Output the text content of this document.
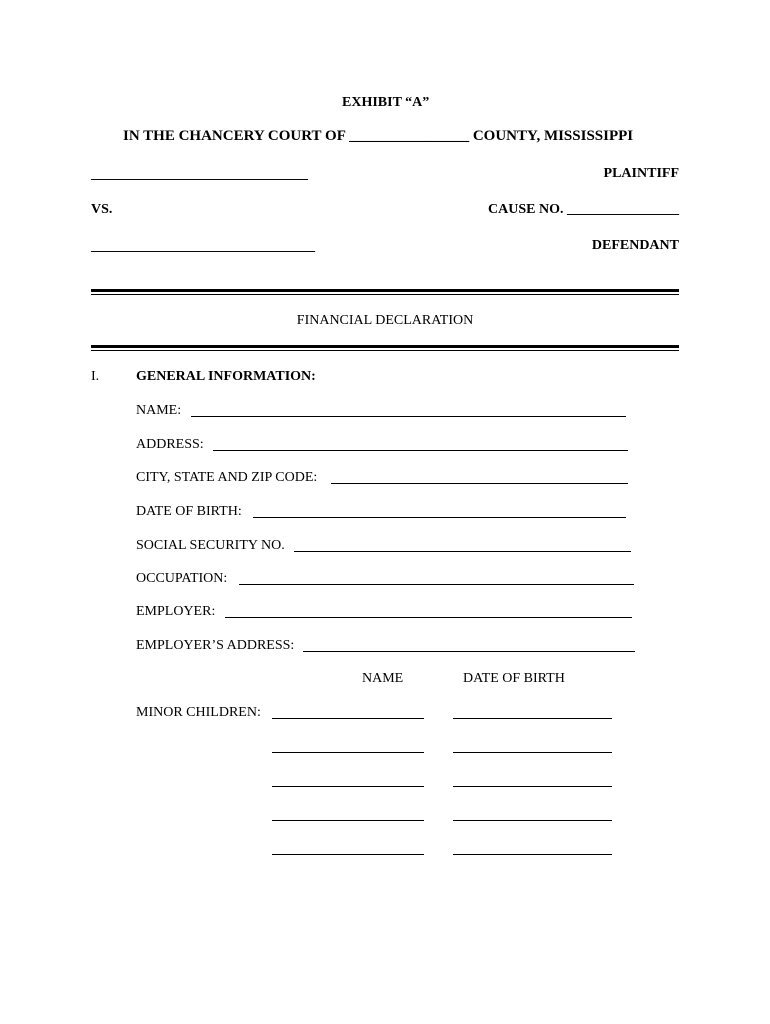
EXHIBIT “A”
IN THE CHANCERY COURT OF ________________ COUNTY, MISSISSIPPI
_______________________________	PLAINTIFF
VS.	CAUSE NO. ________________
________________________________	DEFENDANT
FINANCIAL DECLARATION
I.	GENERAL INFORMATION:
NAME:
ADDRESS:
CITY, STATE AND ZIP CODE:
DATE OF BIRTH:
SOCIAL SECURITY NO.
OCCUPATION:
EMPLOYER:
EMPLOYER’S ADDRESS:
NAME	DATE OF BIRTH
MINOR CHILDREN:
